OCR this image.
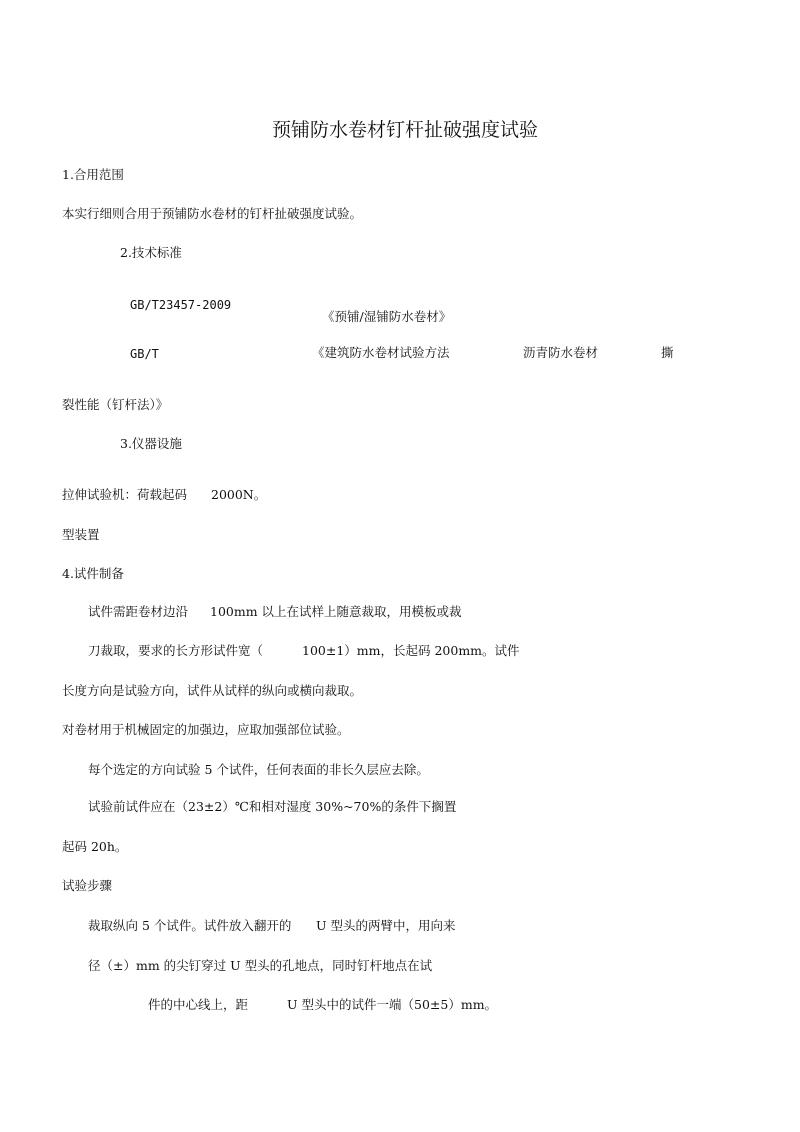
预铺防水卷材钉杆扯破强度试验
1.合用范围
本实行细则合用于预铺防水卷材的钉杆扯破强度试验。
2.技术标准
GB/T23457-2009
《预铺/湿铺防水卷材》
GB/T	《建筑防水卷材试验方法	沥青防水卷材	撕
裂性能（钉杆法）》
3.仪器设施
拉伸试验机：荷载起码 2000N。
型装置
4.试件制备
试件需距卷材边沿 100mm 以上在试样上随意裁取，用模板或裁
刀裁取，要求的长方形试件宽（	100±1）mm，长起码 200mm。试件
长度方向是试验方向，试件从试样的纵向或横向裁取。
对卷材用于机械固定的加强边，应取加强部位试验。
每个选定的方向试验 5 个试件，任何表面的非长久层应去除。
试验前试件应在（23±2）℃和相对湿度 30%~70%的条件下搁置
起码 20h。
试验步骤
裁取纵向 5 个试件。试件放入翻开的 U 型头的两臂中，用向来
径（±）mm 的尖钉穿过 U 型头的孔地点，同时钉杆地点在试
件的中心线上，距	U 型头中的试件一端（50±5）mm。
